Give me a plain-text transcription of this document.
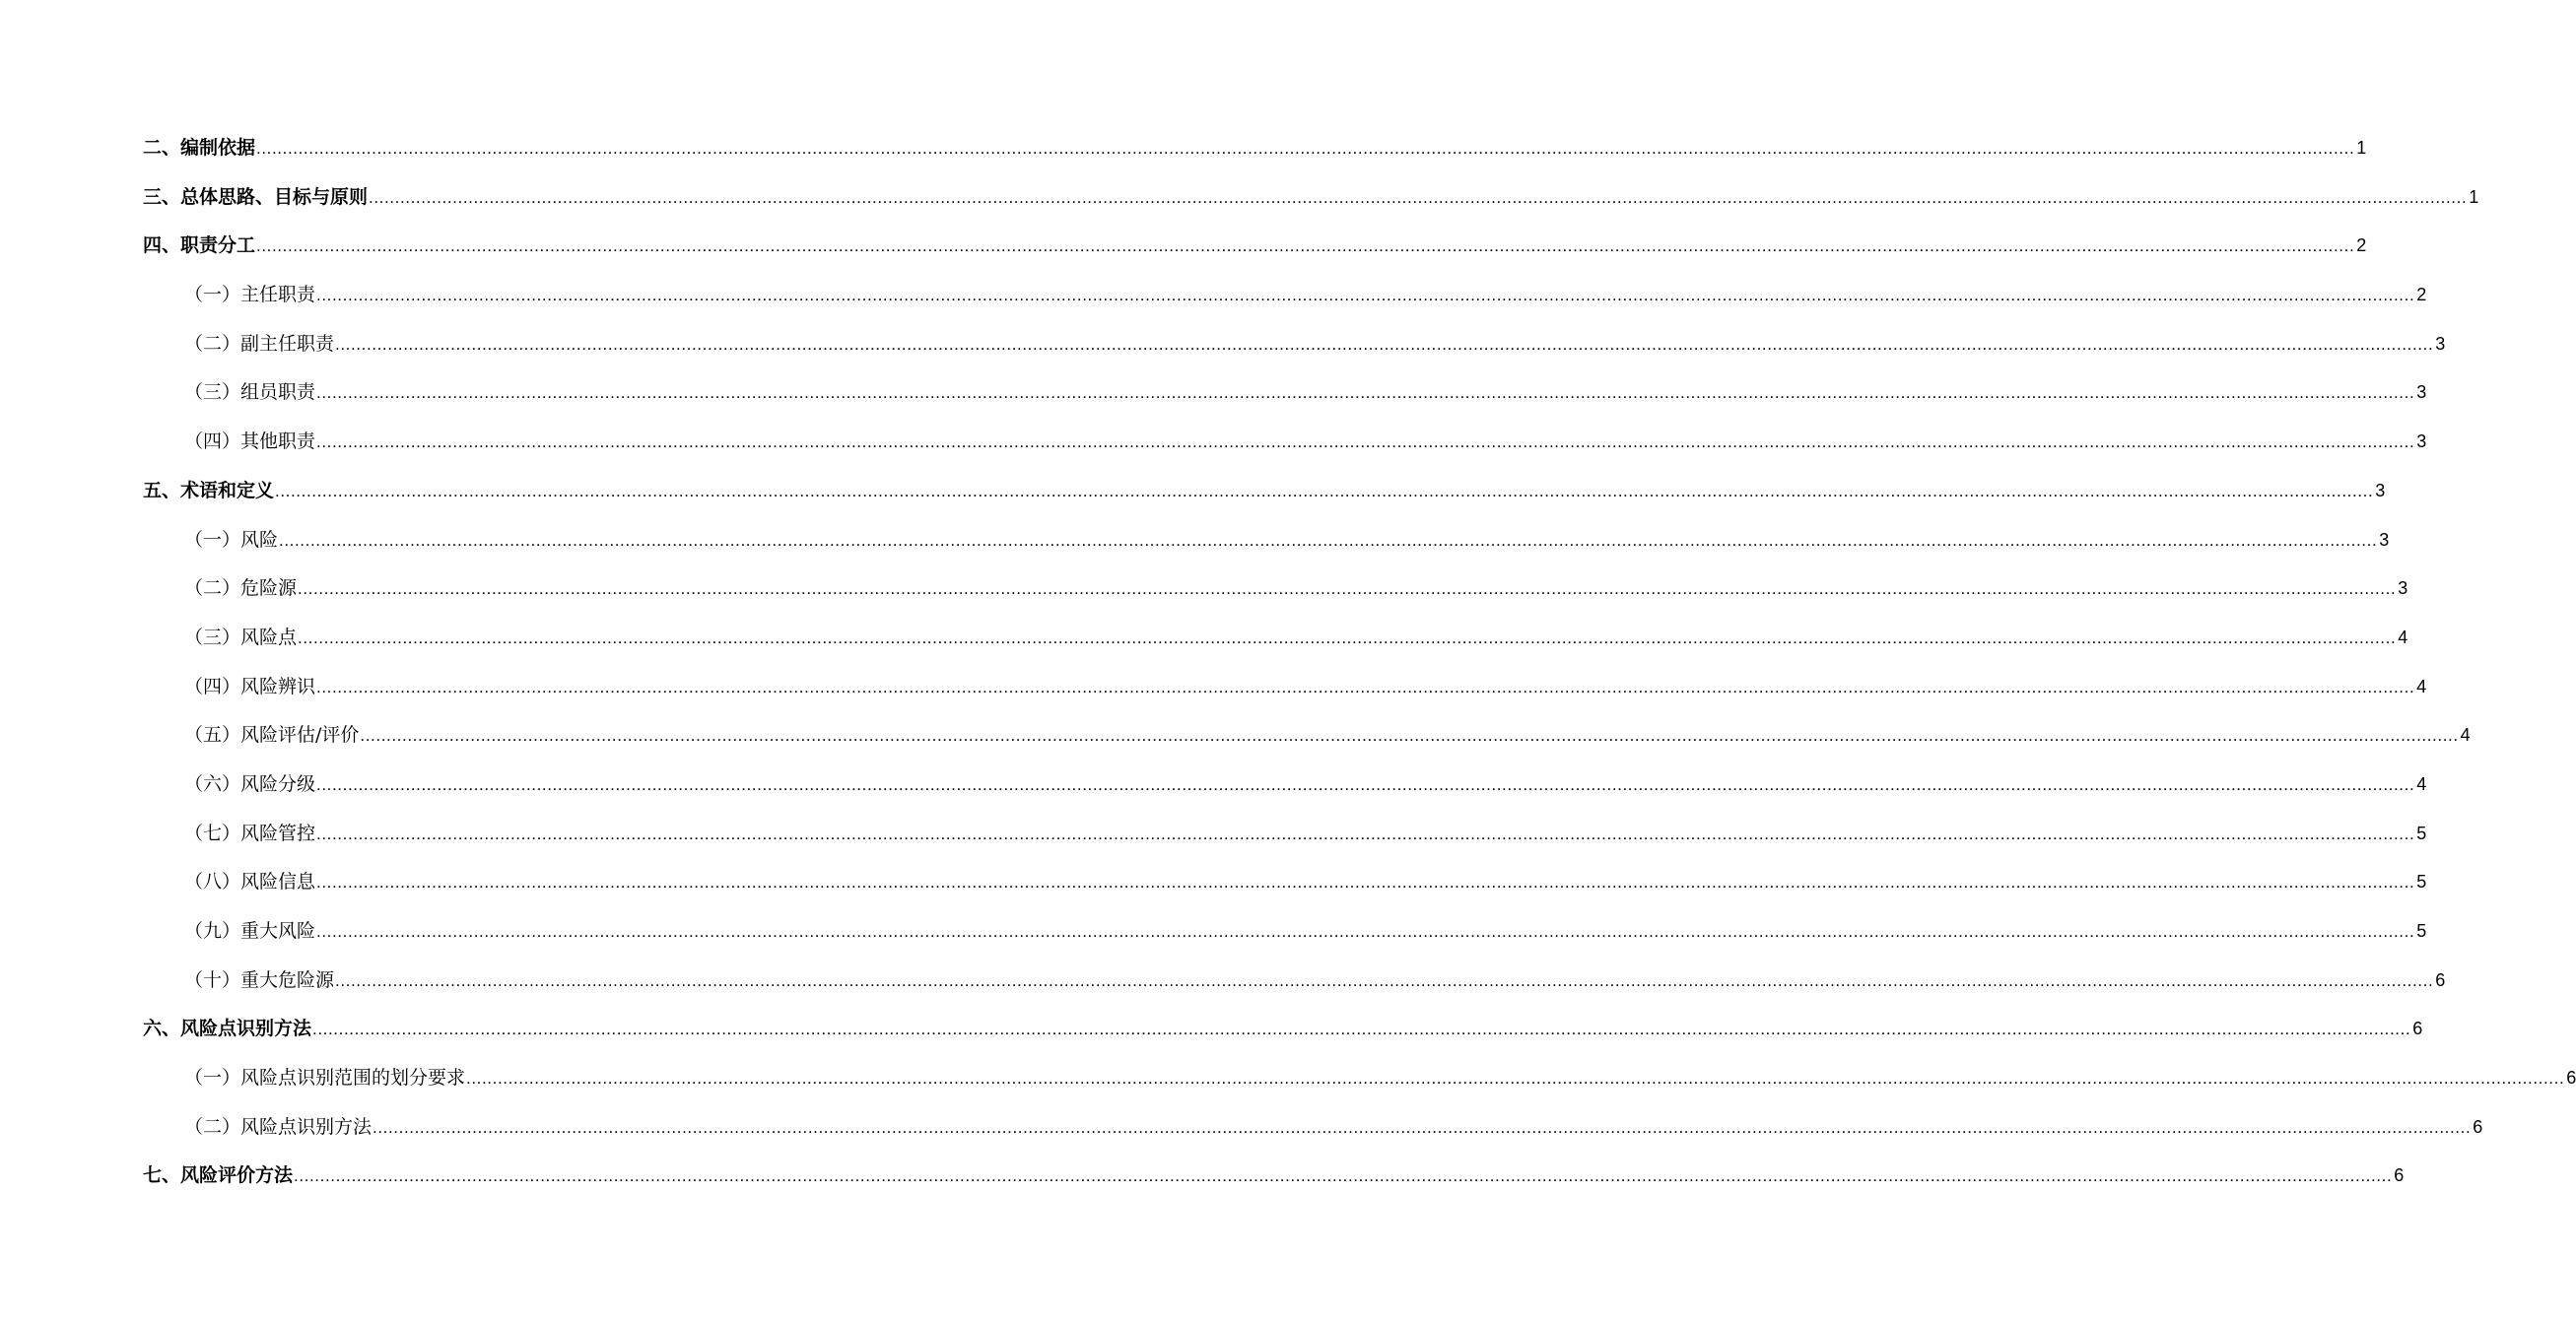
二、编制依据 ................................................................................................................................................................................................................................................................................................................................................................................................................ 1
三、总体思路、目标与原则 ................................................................................................................................................................................................................................................................................................................................................................................................................ 1
四、职责分工 ................................................................................................................................................................................................................................................................................................................................................................................................................ 2
（一）主任职责 ................................................................................................................................................................................................................................................................................................................................................................................................................ 2
（二）副主任职责 ................................................................................................................................................................................................................................................................................................................................................................................................................ 3
（三）组员职责 ................................................................................................................................................................................................................................................................................................................................................................................................................ 3
（四）其他职责 ................................................................................................................................................................................................................................................................................................................................................................................................................ 3
五、术语和定义 ................................................................................................................................................................................................................................................................................................................................................................................................................ 3
（一）风险 ................................................................................................................................................................................................................................................................................................................................................................................................................ 3
（二）危险源 ................................................................................................................................................................................................................................................................................................................................................................................................................ 3
（三）风险点 ................................................................................................................................................................................................................................................................................................................................................................................................................ 4
（四）风险辨识 ................................................................................................................................................................................................................................................................................................................................................................................................................ 4
（五）风险评估/评价 ................................................................................................................................................................................................................................................................................................................................................................................................................ 4
（六）风险分级 ................................................................................................................................................................................................................................................................................................................................................................................................................ 4
（七）风险管控 ................................................................................................................................................................................................................................................................................................................................................................................................................ 5
（八）风险信息 ................................................................................................................................................................................................................................................................................................................................................................................................................ 5
（九）重大风险 ................................................................................................................................................................................................................................................................................................................................................................................................................ 5
（十）重大危险源 ................................................................................................................................................................................................................................................................................................................................................................................................................ 6
六、风险点识别方法 ................................................................................................................................................................................................................................................................................................................................................................................................................ 6
（一）风险点识别范围的划分要求 ................................................................................................................................................................................................................................................................................................................................................................................................................ 6
（二）风险点识别方法 ................................................................................................................................................................................................................................................................................................................................................................................................................ 6
七、风险评价方法 ................................................................................................................................................................................................................................................................................................................................................................................................................ 6
